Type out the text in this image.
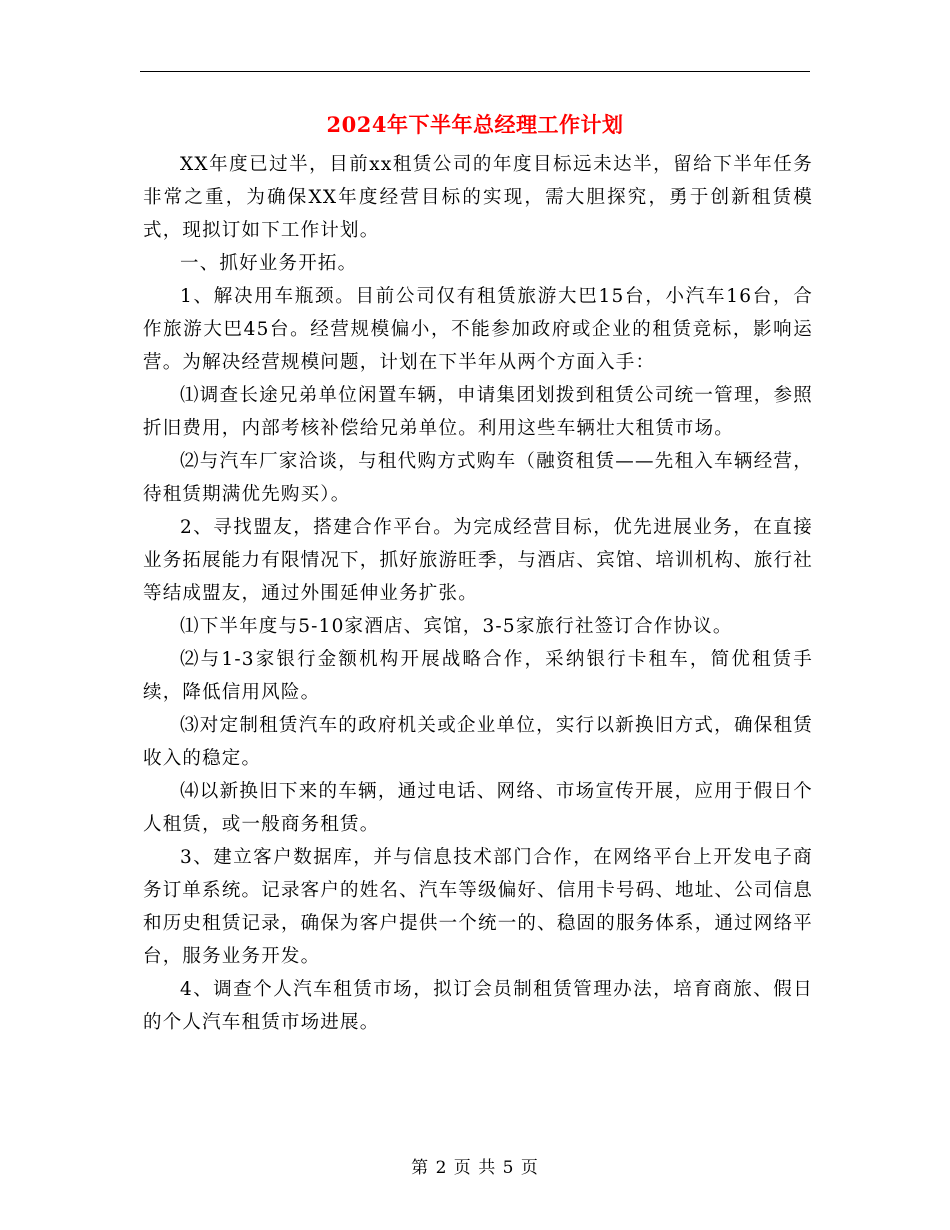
2024年下半年总经理工作计划

XX年度已过半，目前xx租赁公司的年度目标远未达半，留给下半年任务非常之重，为确保XX年度经营目标的实现，需大胆探究，勇于创新租赁模式，现拟订如下工作计划。

一、抓好业务开拓。

1、解决用车瓶颈。目前公司仅有租赁旅游大巴15台，小汽车16台，合作旅游大巴45台。经营规模偏小，不能参加政府或企业的租赁竞标，影响运营。为解决经营规模问题，计划在下半年从两个方面入手：

⑴调查长途兄弟单位闲置车辆，申请集团划拨到租赁公司统一管理，参照折旧费用，内部考核补偿给兄弟单位。利用这些车辆壮大租赁市场。

⑵与汽车厂家洽谈，与租代购方式购车（融资租赁——先租入车辆经营，待租赁期满优先购买）。

2、寻找盟友，搭建合作平台。为完成经营目标，优先进展业务，在直接业务拓展能力有限情况下，抓好旅游旺季，与酒店、宾馆、培训机构、旅行社等结成盟友，通过外围延伸业务扩张。

⑴下半年度与5-10家酒店、宾馆，3-5家旅行社签订合作协议。

⑵与1-3家银行金额机构开展战略合作，采纳银行卡租车，简优租赁手续，降低信用风险。

⑶对定制租赁汽车的政府机关或企业单位，实行以新换旧方式，确保租赁收入的稳定。

⑷以新换旧下来的车辆，通过电话、网络、市场宣传开展，应用于假日个人租赁，或一般商务租赁。

3、建立客户数据库，并与信息技术部门合作，在网络平台上开发电子商务订单系统。记录客户的姓名、汽车等级偏好、信用卡号码、地址、公司信息和历史租赁记录，确保为客户提供一个统一的、稳固的服务体系，通过网络平台，服务业务开发。

4、调查个人汽车租赁市场，拟订会员制租赁管理办法，培育商旅、假日的个人汽车租赁市场进展。

第 2 页 共 5 页
